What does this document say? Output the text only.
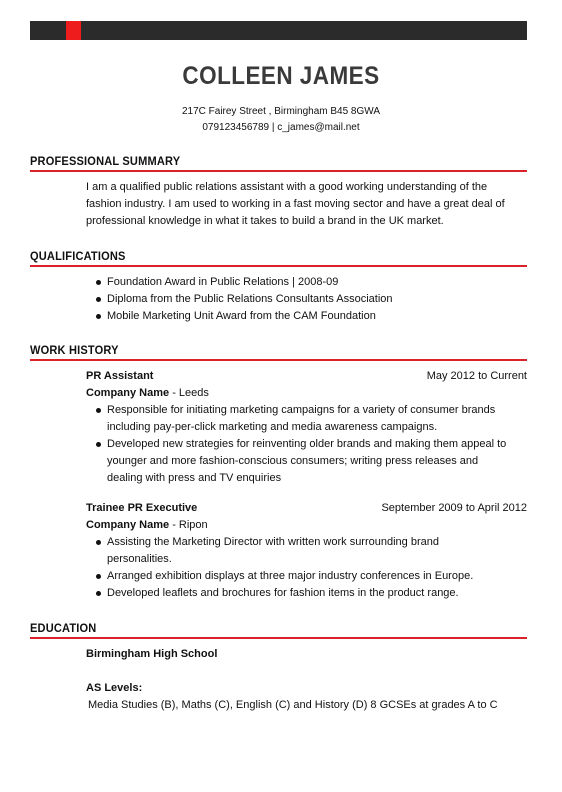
COLLEEN JAMES
217C Fairey Street , Birmingham B45 8GWA
079123456789 | c_james@mail.net
PROFESSIONAL SUMMARY
I am a qualified public relations assistant with a good working understanding of the
fashion industry. I am used to working in a fast moving sector and have a great deal of
professional knowledge in what it takes to build a brand in the UK market.
QUALIFICATIONS
Foundation Award in Public Relations | 2008-09
Diploma from the Public Relations Consultants Association
Mobile Marketing Unit Award from the CAM Foundation
WORK HISTORY
PR Assistant	May 2012 to Current
Company Name - Leeds
Responsible for initiating marketing campaigns for a variety of consumer brands
including pay-per-click marketing and media awareness campaigns.
Developed new strategies for reinventing older brands and making them appeal to
younger and more fashion-conscious consumers; writing press releases and
dealing with press and TV enquiries
Trainee PR Executive	September 2009 to April 2012
Company Name - Ripon
Assisting the Marketing Director with written work surrounding brand
personalities.
Arranged exhibition displays at three major industry conferences in Europe.
Developed leaflets and brochures for fashion items in the product range.
EDUCATION
Birmingham High School
AS Levels:
Media Studies (B), Maths (C), English (C) and History (D) 8 GCSEs at grades A to C
